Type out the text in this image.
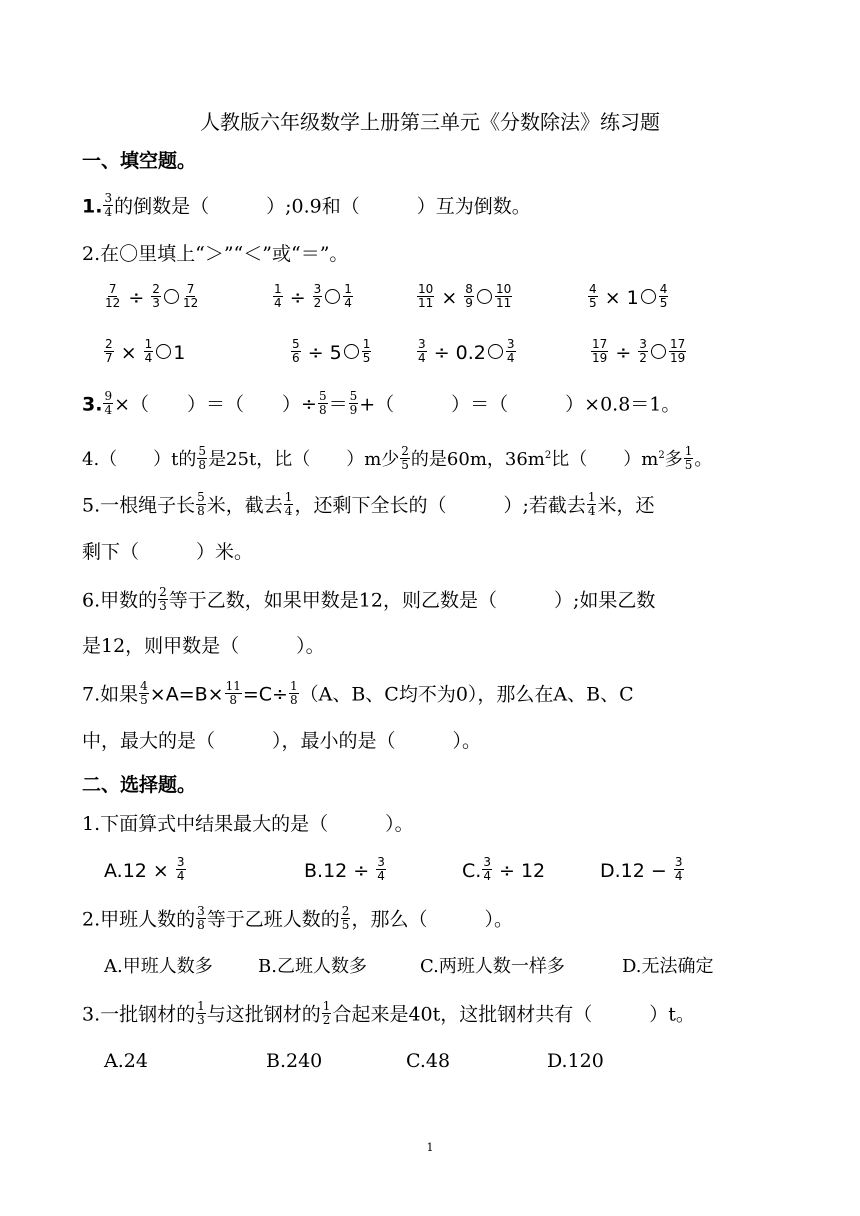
人教版六年级数学上册第三单元《分数除法》练习题
一、填空题。
1. $\frac{3}{4}$ 的倒数是（　　　）;0.9和（　　　）互为倒数。
2.在〇里填上“＞”“＜”或“＝”。
$\frac{7}{12} \div \frac{2}{3} \frac{7}{12}$	$\frac{1}{4} \div \frac{3}{2} \frac{1}{4}$	$\frac{10}{11} \times \frac{8}{9} \frac{10}{11}$	$\frac{4}{5} \times 1 \frac{4}{5}$
$\frac{2}{7} \times \frac{1}{4} 1$	$\frac{5}{6} \div 5 \frac{1}{5}$	$\frac{3}{4} \div 0.2 \frac{3}{4}$	$\frac{17}{19} \div \frac{3}{2} \frac{17}{19}$
3. $\frac{9}{4}$ ×（　　）＝（　　）÷ $\frac{5}{8} = \frac{5}{9}$ +（　　　）＝（　　　）×0.8＝1。
4.（　　）t的 $\frac{5}{8}$ 是25t，比（　　）m少 $\frac{2}{5}$ 的是60m，$36m^2$比（　　）$m^2$多 $\frac{1}{5}$ 。
5.一根绳子长 $\frac{5}{8}$ 米，截去 $\frac{1}{4}$ ，还剩下全长的（　　　）;若截去 $\frac{1}{4}$ 米，还
剩下（　　　）米。
6.甲数的 $\frac{2}{3}$ 等于乙数，如果甲数是12，则乙数是（　　　）;如果乙数
是12，则甲数是（　　　）。
7.如果 $\frac{4}{5} \times A=B\times \frac{11}{8} =C\div \frac{1}{8} (A$、B、C均不为0），那么在A、B、C
中，最大的是（　　　），最小的是（　　　）。
二、选择题。
1.下面算式中结果最大的是（　　　）。
$A.12 \times \frac{3}{4}$	$B.12 \div \frac{3}{4}$	C. $\frac{3}{4} \div 12$	$D.12 - \frac{3}{4}$
2.甲班人数的 $\frac{3}{8}$ 等于乙班人数的 $\frac{2}{5}$ ，那么（　　　）。
A.甲班人数多	B.乙班人数多	C.两班人数一样多	D.无法确定
3.一批钢材的 $\frac{1}{3}$ 与这批钢材的 $\frac{1}{2}$ 合起来是40t，这批钢材共有（　　　）t。
A.24	B.240	C.48	D.120
1
